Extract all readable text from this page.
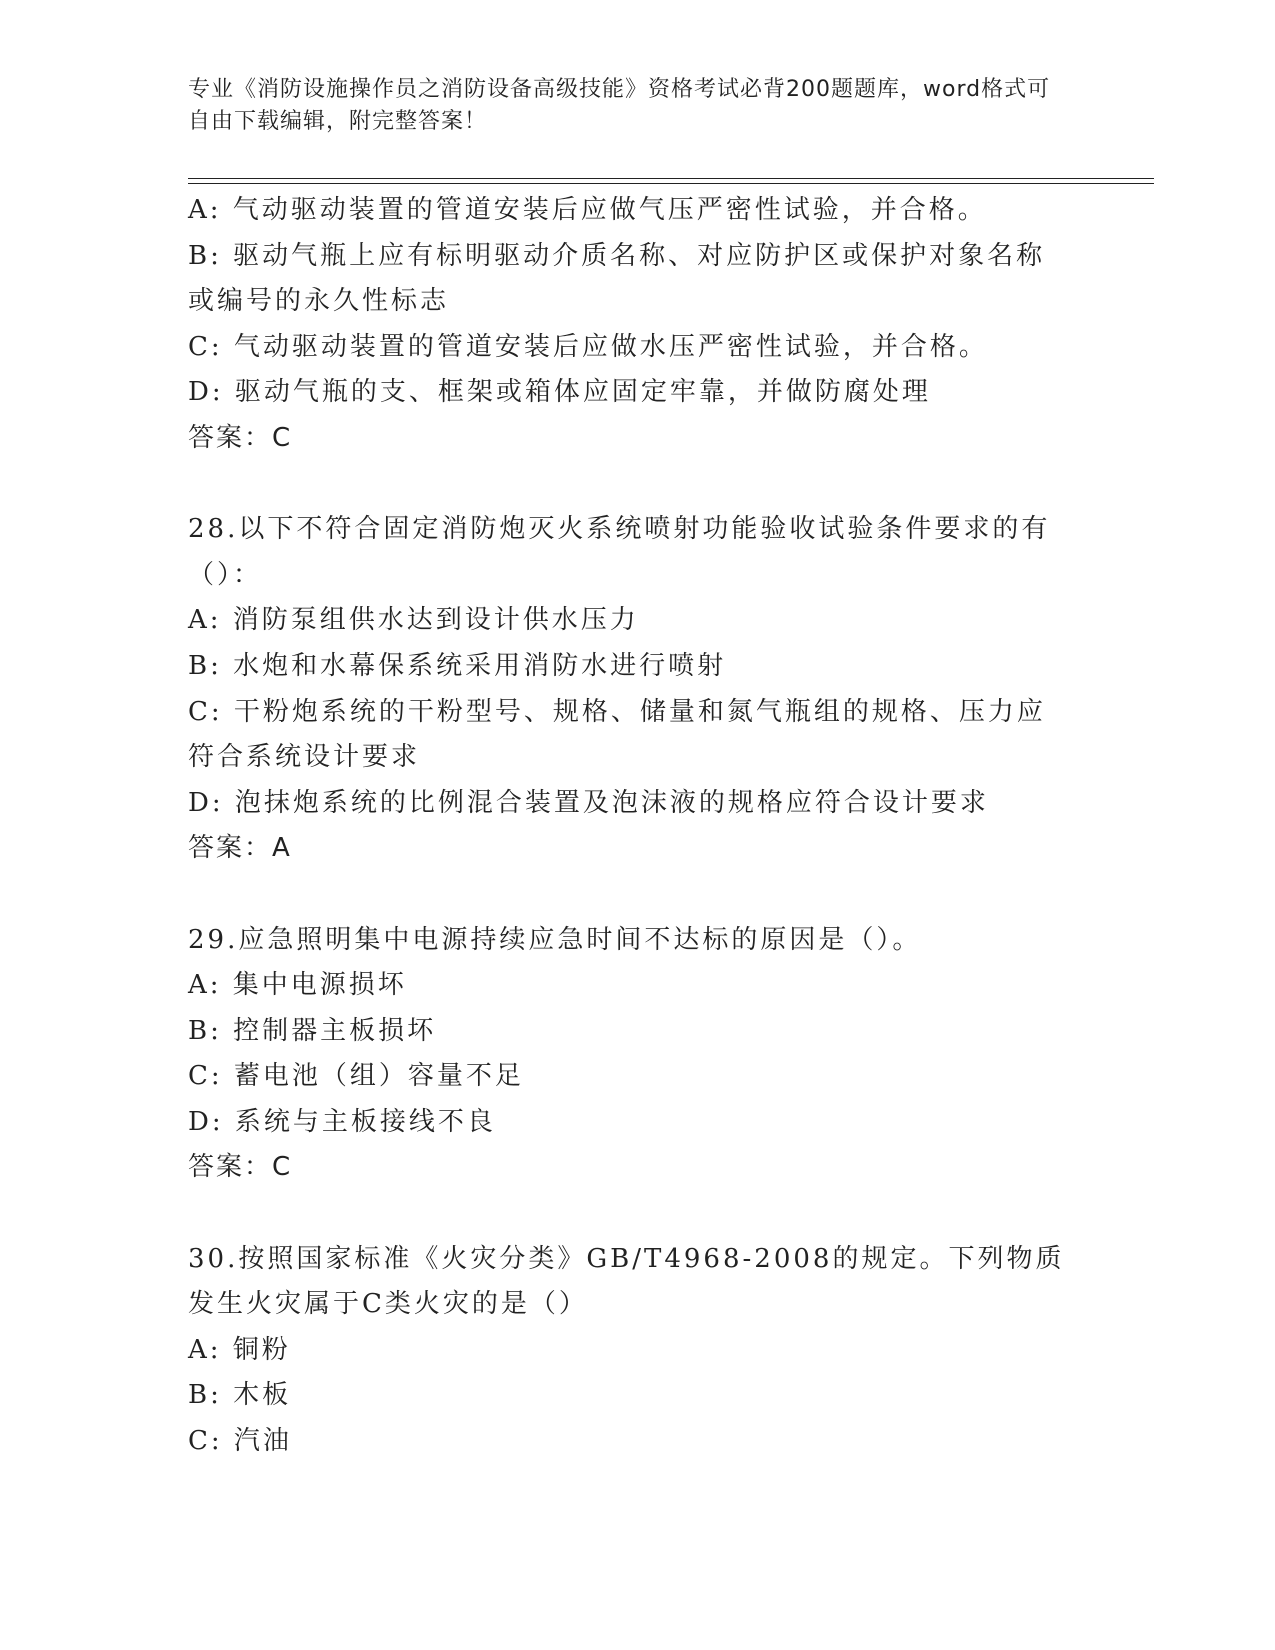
专业《消防设施操作员之消防设备高级技能》资格考试必背200题题库，word格式可自由下载编辑，附完整答案！

A: 气动驱动装置的管道安装后应做气压严密性试验，并合格。

B: 驱动气瓶上应有标明驱动介质名称、对应防护区或保护对象名称或编号的永久性标志

C: 气动驱动装置的管道安装后应做水压严密性试验，并合格。

D: 驱动气瓶的支、框架或箱体应固定牢靠，并做防腐处理

答案：C

28.以下不符合固定消防炮灭火系统喷射功能验收试验条件要求的有（）：

A: 消防泵组供水达到设计供水压力

B: 水炮和水幕保系统采用消防水进行喷射

C: 干粉炮系统的干粉型号、规格、储量和氮气瓶组的规格、压力应符合系统设计要求

D: 泡抹炮系统的比例混合装置及泡沫液的规格应符合设计要求

答案：A

29.应急照明集中电源持续应急时间不达标的原因是（）。

A: 集中电源损坏

B: 控制器主板损坏

C: 蓄电池（组）容量不足

D: 系统与主板接线不良

答案：C

30.按照国家标准《火灾分类》GB/T4968-2008的规定。下列物质发生火灾属于C类火灾的是（）

A: 铜粉

B: 木板

C: 汽油
